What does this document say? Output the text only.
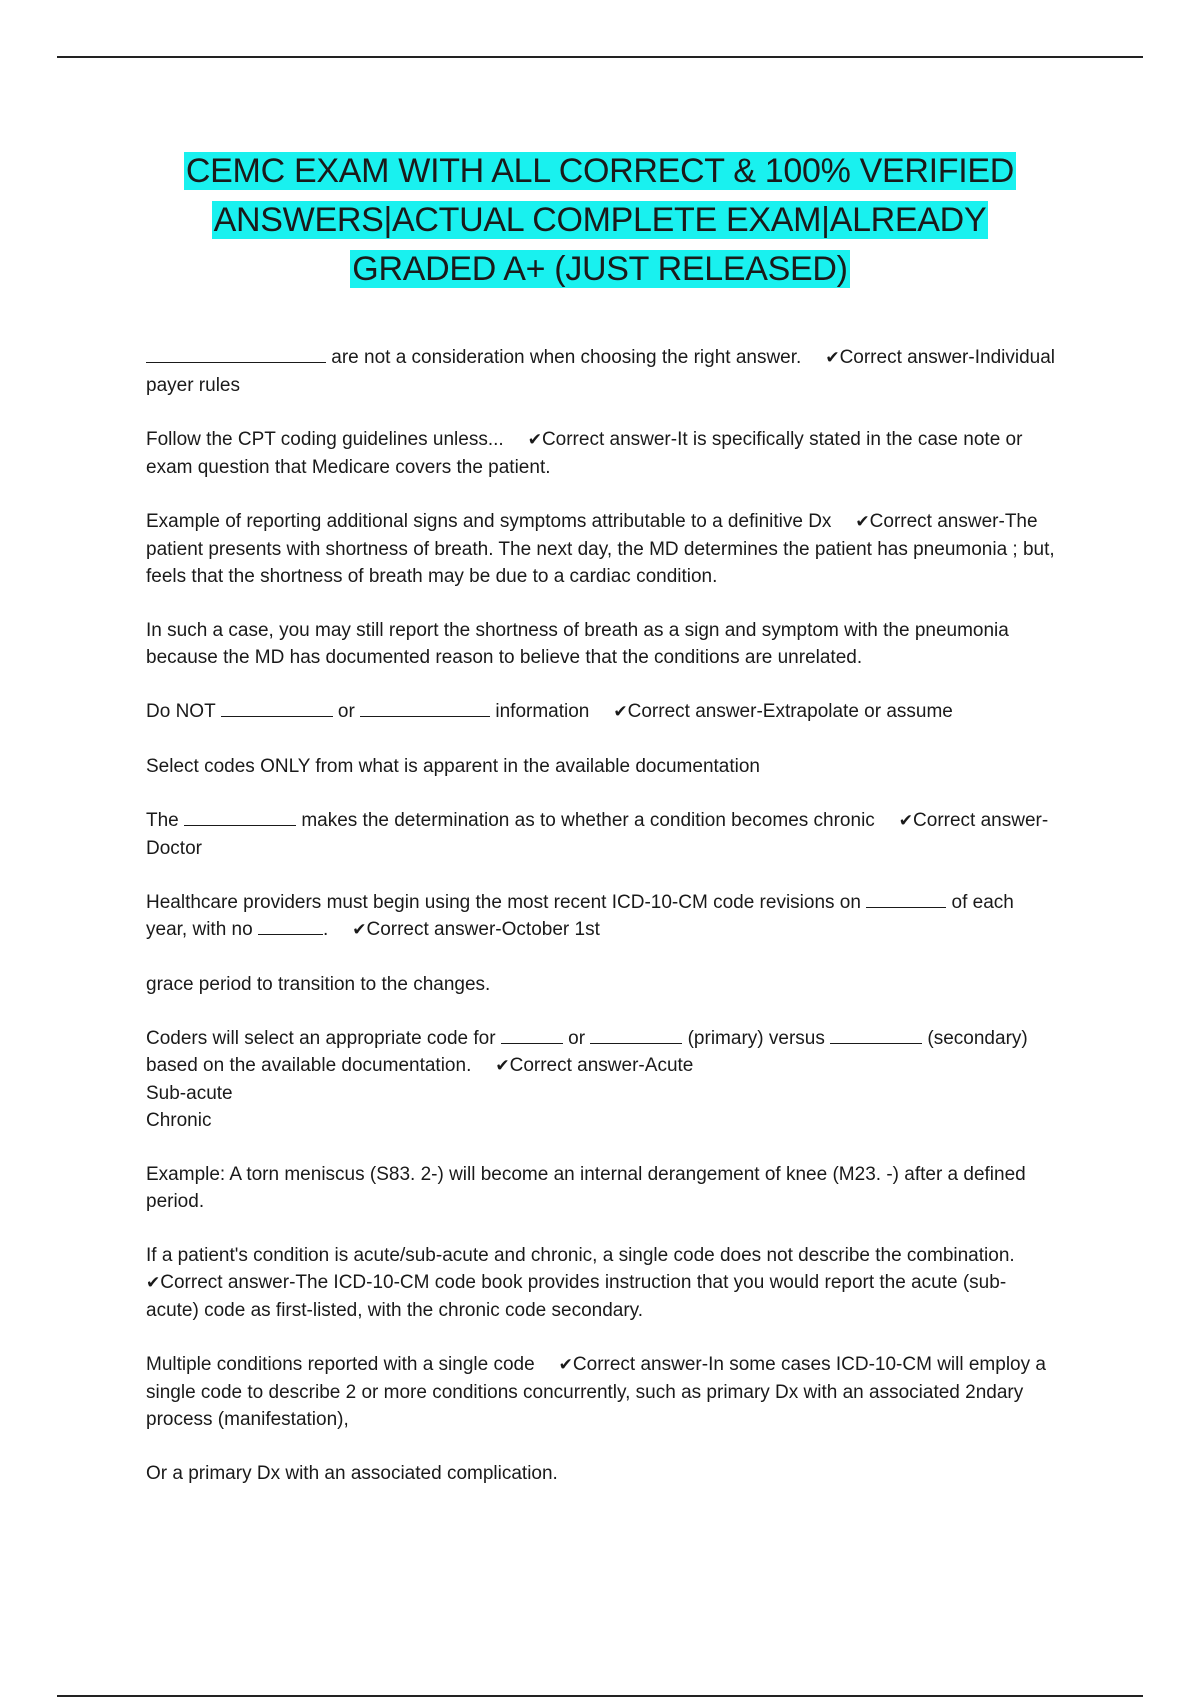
CEMC EXAM WITH ALL CORRECT & 100% VERIFIED
ANSWERS|ACTUAL COMPLETE EXAM|ALREADY
GRADED A+ (JUST RELEASED)

are not a consideration when choosing the right answer. ✔Correct answer-Individual payer rules

Follow the CPT coding guidelines unless... ✔Correct answer-It is specifically stated in the case note or exam question that Medicare covers the patient.

Example of reporting additional signs and symptoms attributable to a definitive Dx ✔Correct answer-The patient presents with shortness of breath. The next day, the MD determines the patient has pneumonia ; but, feels that the shortness of breath may be due to a cardiac condition.

In such a case, you may still report the shortness of breath as a sign and symptom with the pneumonia because the MD has documented reason to believe that the conditions are unrelated.

Do NOT	or	information ✔Correct answer-Extrapolate or assume

Select codes ONLY from what is apparent in the available documentation

The	makes the determination as to whether a condition becomes chronic ✔Correct answer-Doctor

Healthcare providers must begin using the most recent ICD-10-CM code revisions on	of each year, with no	. ✔Correct answer-October 1st

grace period to transition to the changes.

Coders will select an appropriate code for	or	(primary) versus	(secondary) based on the available documentation. ✔Correct answer-Acute
Sub-acute
Chronic

Example: A torn meniscus (S83. 2-) will become an internal derangement of knee (M23. -) after a defined period.

If a patient's condition is acute/sub-acute and chronic, a single code does not describe the combination.✔Correct answer-The ICD-10-CM code book provides instruction that you would report the acute (sub-acute) code as first-listed, with the chronic code secondary.

Multiple conditions reported with a single code ✔Correct answer-In some cases ICD-10-CM will employ a single code to describe 2 or more conditions concurrently, such as primary Dx with an associated 2ndary process (manifestation),

Or a primary Dx with an associated complication.
